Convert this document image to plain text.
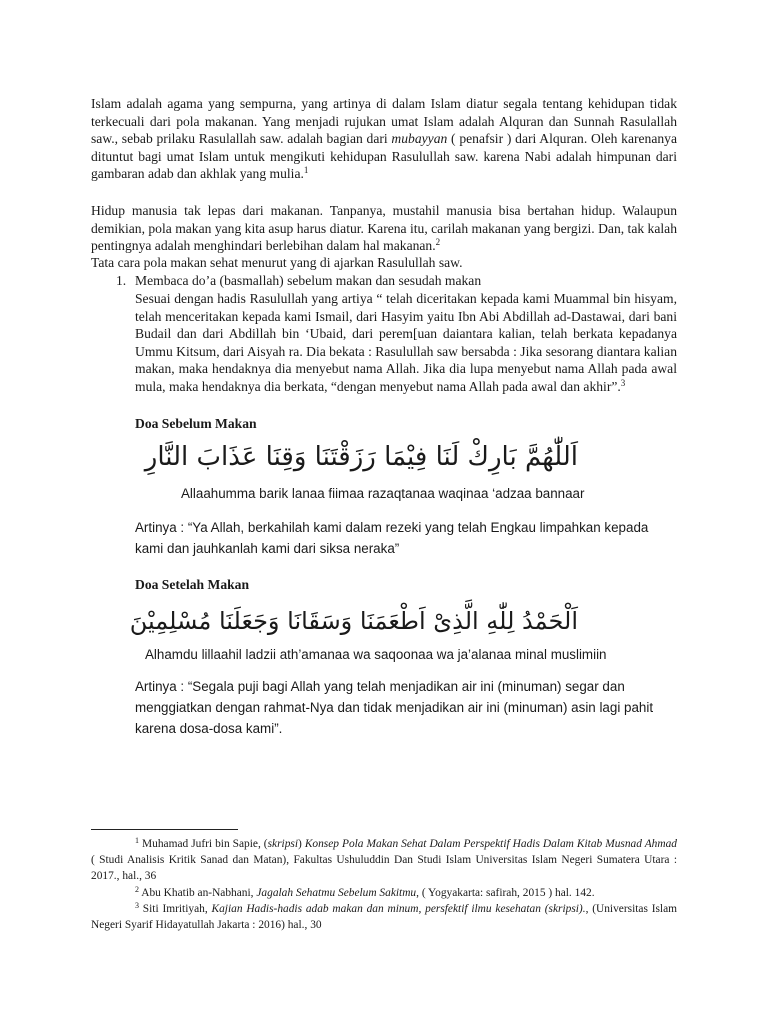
Islam adalah agama yang sempurna, yang artinya di dalam Islam diatur segala tentang kehidupan tidak terkecuali dari pola makanan. Yang menjadi rujukan umat Islam adalah Alquran dan Sunnah Rasulallah saw., sebab prilaku Rasulallah saw. adalah bagian dari mubayyan ( penafsir ) dari Alquran. Oleh karenanya dituntut bagi umat Islam untuk mengikuti kehidupan Rasulullah saw. karena Nabi adalah himpunan dari gambaran adab dan akhlak yang mulia.$^1$

Hidup manusia tak lepas dari makanan. Tanpanya, mustahil manusia bisa bertahan hidup. Walaupun demikian, pola makan yang kita asup harus diatur. Karena itu, carilah makanan yang bergizi. Dan, tak kalah pentingnya adalah menghindari berlebihan dalam hal makanan.$^2$

Tata cara pola makan sehat menurut yang di ajarkan Rasulullah saw.

1. Membaca do’a (basmallah) sebelum makan dan sesudah makan

Sesuai dengan hadis Rasulullah yang artiya “ telah diceritakan kepada kami Muammal bin hisyam, telah menceritakan kepada kami Ismail, dari Hasyim yaitu Ibn Abi Abdillah ad-Dastawai, dari bani Budail dan dari Abdillah bin ‘Ubaid, dari perem[uan daiantara kalian, telah berkata kepadanya Ummu Kitsum, dari Aisyah ra. Dia bekata : Rasulullah saw bersabda : Jika sesorang diantara kalian makan, maka hendaknya dia menyebut nama Allah. Jika dia lupa menyebut nama Allah pada awal mula, maka hendaknya dia berkata, “dengan menyebut nama Allah pada awal dan akhir”.$^3$

Doa Sebelum Makan

اَللّٰهُمَّ بَارِكْ لَنَا فِيْمَا رَزَقْتَنَا وَقِنَا عَذَابَ النَّارِ

Allaahumma barik lanaa fiimaa razaqtanaa waqinaa ‘adzaa bannaar

Artinya : “Ya Allah, berkahilah kami dalam rezeki yang telah Engkau limpahkan kepada kami dan jauhkanlah kami dari siksa neraka”

Doa Setelah Makan

اَلْحَمْدُ لِلّٰهِ الَّذِىْ اَطْعَمَنَا وَسَقَانَا وَجَعَلَنَا مُسْلِمِيْنَ

Alhamdu lillaahil ladzii ath’amanaa wa saqoonaa wa ja’alanaa minal muslimiin

Artinya : “Segala puji bagi Allah yang telah menjadikan air ini (minuman) segar dan menggiatkan dengan rahmat-Nya dan tidak menjadikan air ini (minuman) asin lagi pahit karena dosa-dosa kami”.

$^1$ Muhamad Jufri bin Sapie, (skripsi) Konsep Pola Makan Sehat Dalam Perspektif Hadis Dalam Kitab Musnad Ahmad ( Studi Analisis Kritik Sanad dan Matan), Fakultas Ushuluddin Dan Studi Islam Universitas Islam Negeri Sumatera Utara : 2017., hal., 36

$^2$ Abu Khatib an-Nabhani, Jagalah Sehatmu Sebelum Sakitmu, ( Yogyakarta: safirah, 2015 ) hal. 142.

$^3$ Siti Imritiyah, Kajian Hadis-hadis adab makan dan minum, persfektif ilmu kesehatan (skripsi)., (Universitas Islam Negeri Syarif Hidayatullah Jakarta : 2016) hal., 30
